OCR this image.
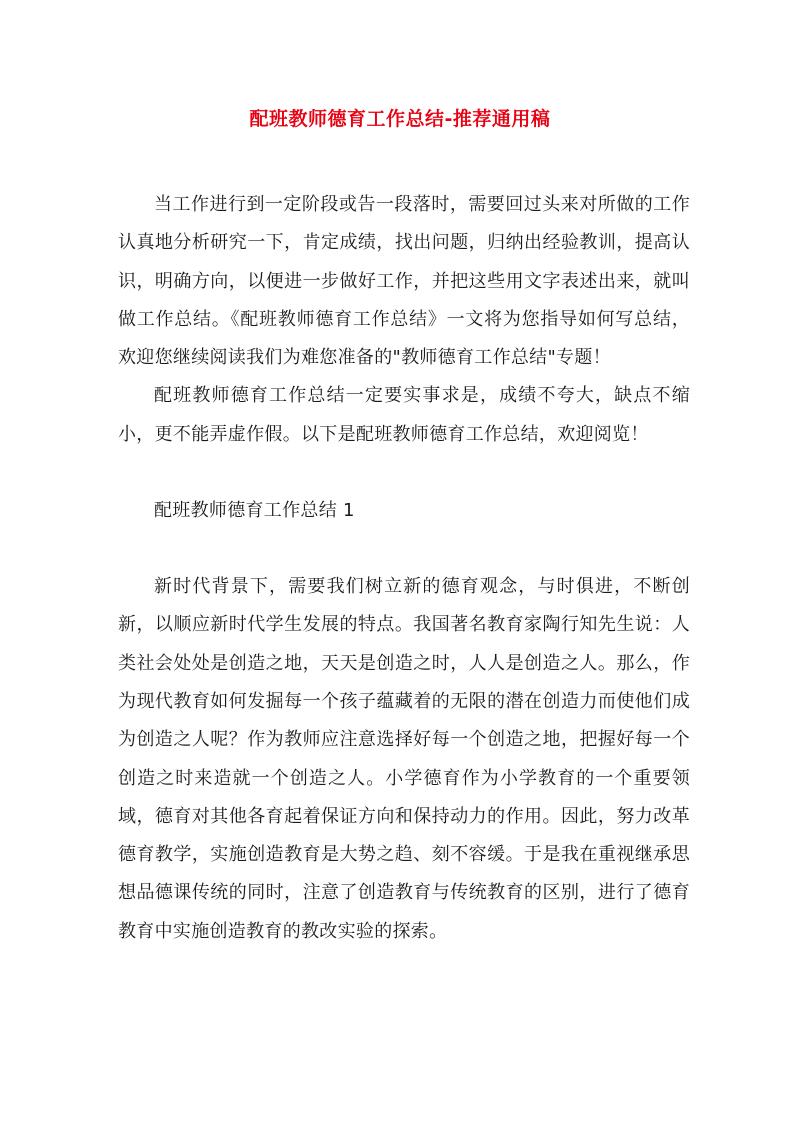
配班教师德育工作总结-推荐通用稿

当工作进行到一定阶段或告一段落时，需要回过头来对所做的工作认真地分析研究一下，肯定成绩，找出问题，归纳出经验教训，提高认识，明确方向，以便进一步做好工作，并把这些用文字表述出来，就叫做工作总结。《配班教师德育工作总结》一文将为您指导如何写总结，欢迎您继续阅读我们为难您准备的"教师德育工作总结"专题！

配班教师德育工作总结一定要实事求是，成绩不夸大，缺点不缩小，更不能弄虚作假。以下是配班教师德育工作总结，欢迎阅览！

配班教师德育工作总结 1

新时代背景下，需要我们树立新的德育观念，与时俱进，不断创新，以顺应新时代学生发展的特点。我国著名教育家陶行知先生说：人类社会处处是创造之地，天天是创造之时，人人是创造之人。那么，作为现代教育如何发掘每一个孩子蕴藏着的无限的潜在创造力而使他们成为创造之人呢？作为教师应注意选择好每一个创造之地，把握好每一个创造之时来造就一个创造之人。小学德育作为小学教育的一个重要领域，德育对其他各育起着保证方向和保持动力的作用。因此，努力改革德育教学，实施创造教育是大势之趋、刻不容缓。于是我在重视继承思想品德课传统的同时，注意了创造教育与传统教育的区别，进行了德育教育中实施创造教育的教改实验的探索。
